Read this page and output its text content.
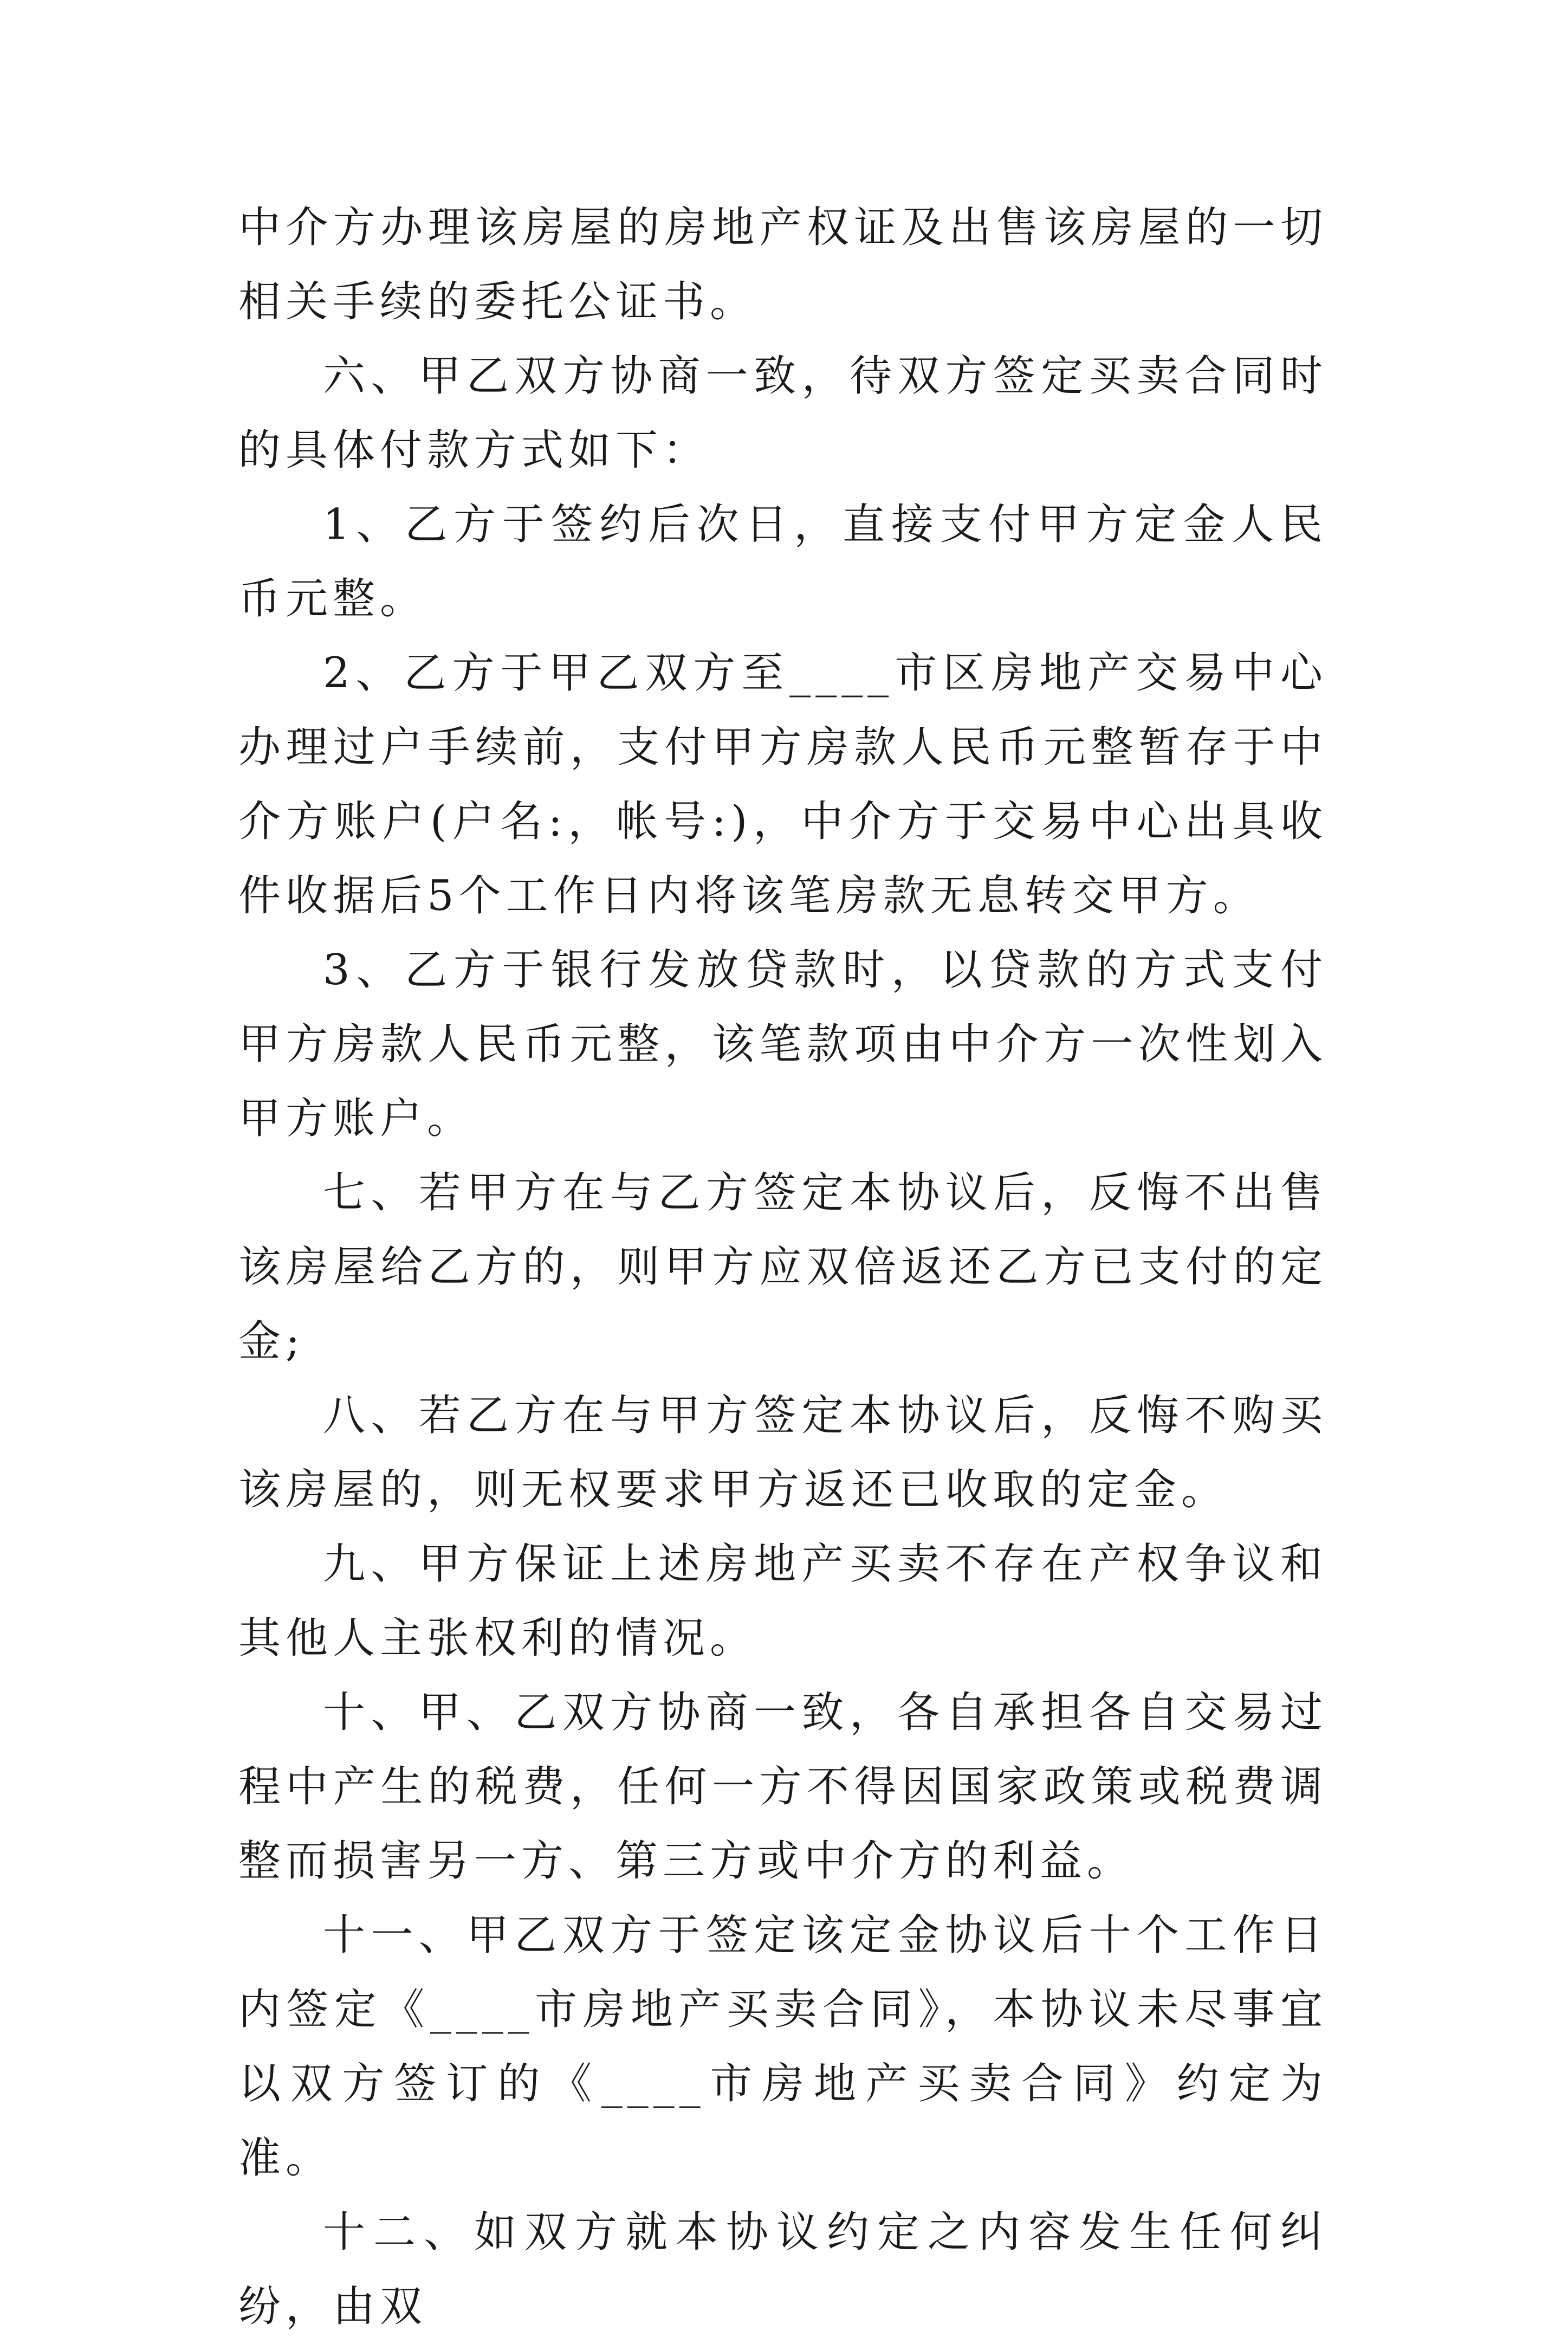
中介方办理该房屋的房地产权证及出售该房屋的一切相关手续的委托公证书。

六、甲乙双方协商一致，待双方签定买卖合同时的具体付款方式如下：

1、乙方于签约后次日，直接支付甲方定金人民币元整。

2、乙方于甲乙双方至____市区房地产交易中心办理过户手续前，支付甲方房款人民币元整暂存于中介方账户(户名:，帐号:)，中介方于交易中心出具收件收据后5个工作日内将该笔房款无息转交甲方。

3、乙方于银行发放贷款时，以贷款的方式支付甲方房款人民币元整，该笔款项由中介方一次性划入甲方账户。

七、若甲方在与乙方签定本协议后，反悔不出售该房屋给乙方的，则甲方应双倍返还乙方已支付的定金;

八、若乙方在与甲方签定本协议后，反悔不购买该房屋的，则无权要求甲方返还已收取的定金。

九、甲方保证上述房地产买卖不存在产权争议和其他人主张权利的情况。

十、甲、乙双方协商一致，各自承担各自交易过程中产生的税费，任何一方不得因国家政策或税费调整而损害另一方、第三方或中介方的利益。

十一、甲乙双方于签定该定金协议后十个工作日内签定《____市房地产买卖合同》，本协议未尽事宜以双方签订的《____市房地产买卖合同》约定为准。

十二、如双方就本协议约定之内容发生任何纠纷，由双
